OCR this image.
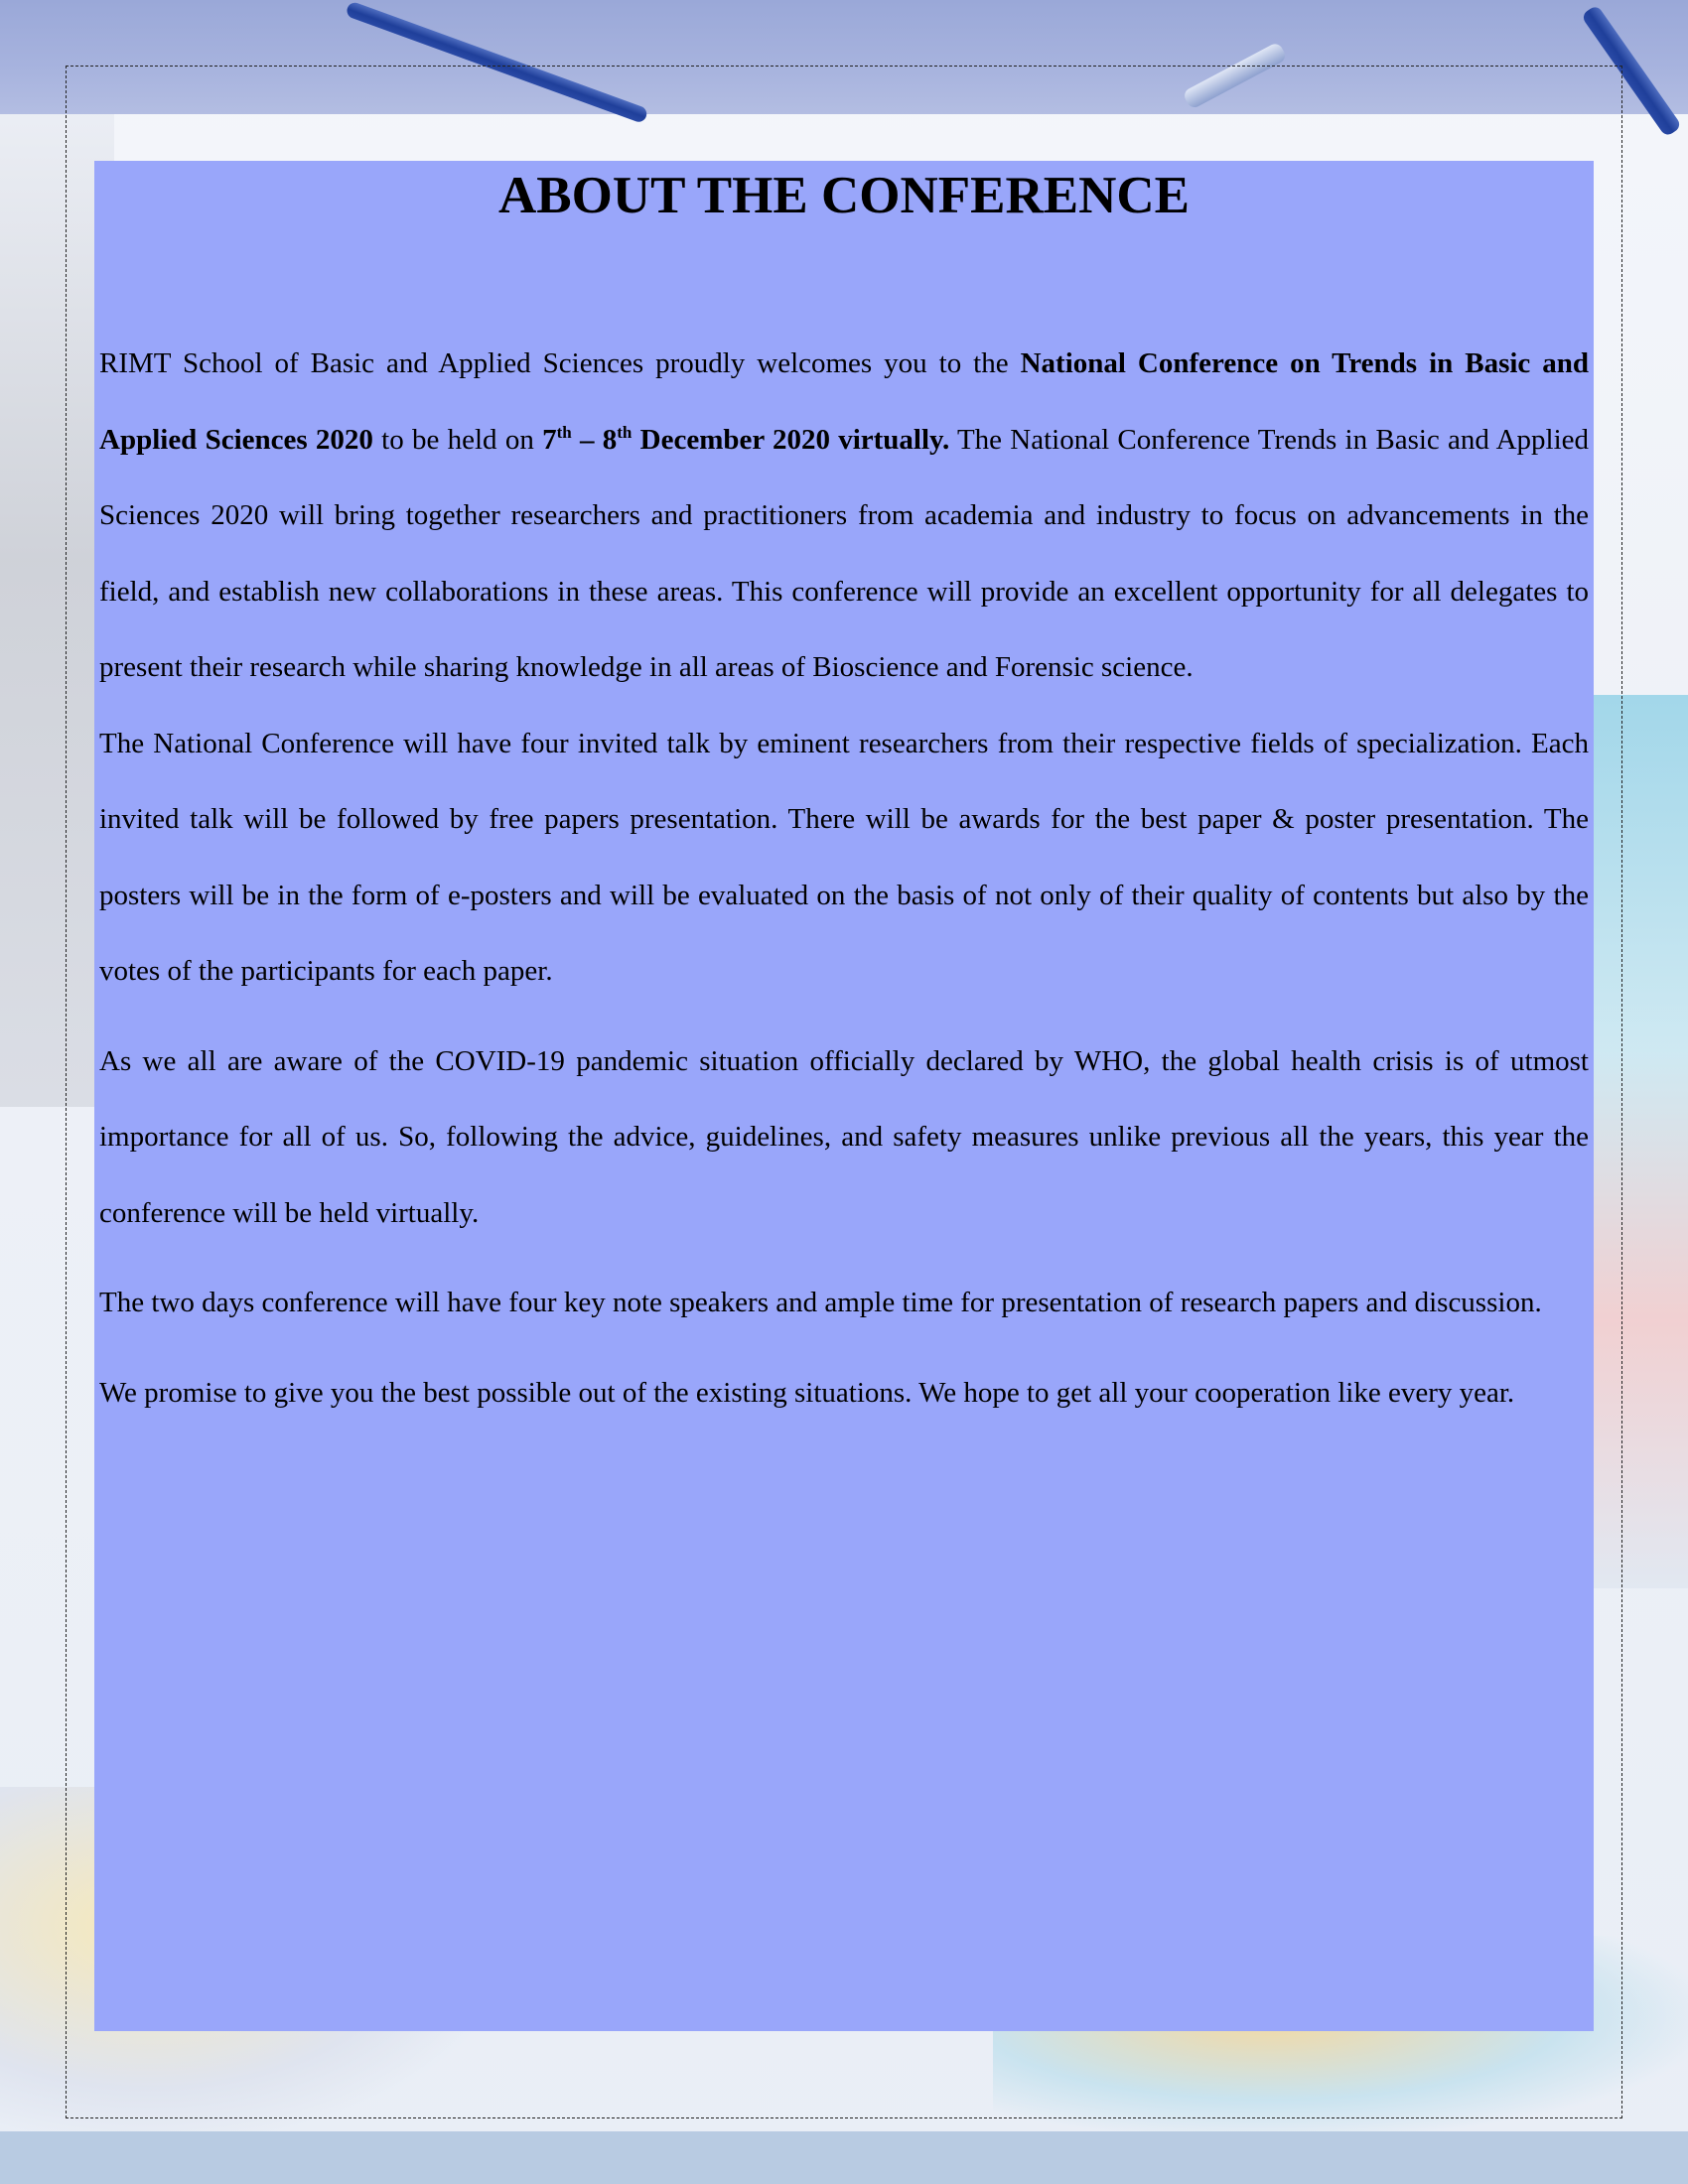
ABOUT THE CONFERENCE

RIMT School of Basic and Applied Sciences proudly welcomes you to the National Conference on Trends in Basic and Applied Sciences 2020 to be held on 7th – 8th December 2020 virtually. The National Conference Trends in Basic and Applied Sciences 2020 will bring together researchers and practitioners from academia and industry to focus on advancements in the field, and establish new collaborations in these areas. This conference will provide an excellent opportunity for all delegates to present their research while sharing knowledge in all areas of Bioscience and Forensic science.

The National Conference will have four invited talk by eminent researchers from their respective fields of specialization. Each invited talk will be followed by free papers presentation. There will be awards for the best paper & poster presentation. The posters will be in the form of e-posters and will be evaluated on the basis of not only of their quality of contents but also by the votes of the participants for each paper.

As we all are aware of the COVID-19 pandemic situation officially declared by WHO, the global health crisis is of utmost importance for all of us. So, following the advice, guidelines, and safety measures unlike previous all the years, this year the conference will be held virtually.

The two days conference will have four key note speakers and ample time for presentation of research papers and discussion.

We promise to give you the best possible out of the existing situations. We hope to get all your cooperation like every year.
